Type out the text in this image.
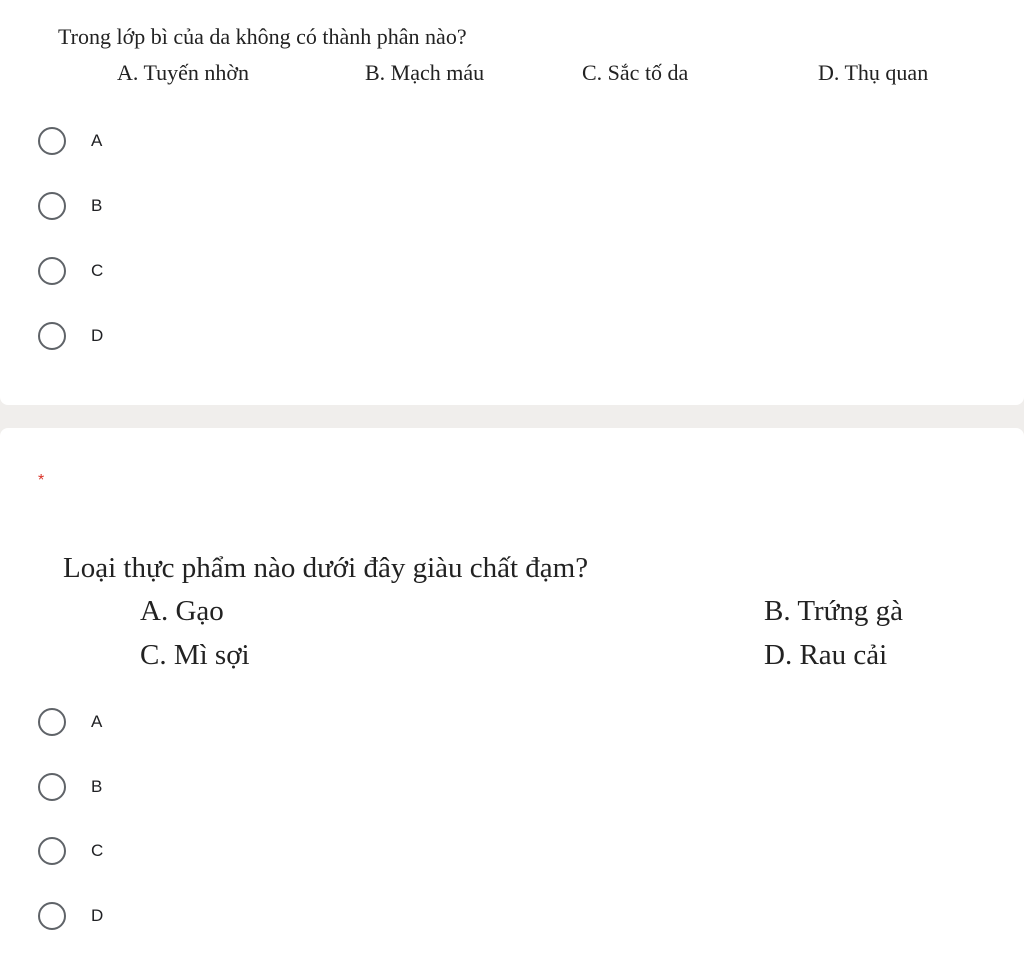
Trong lớp bì của da không có thành phân nào?
A. Tuyến nhờn	B. Mạch máu	C. Sắc tố da	D. Thụ quan
A
B
C
D
*
Loại thực phẩm nào dưới đây giàu chất đạm?
A. Gạo	B. Trứng gà
C. Mì sợi	D. Rau cải
A
B
C
D
